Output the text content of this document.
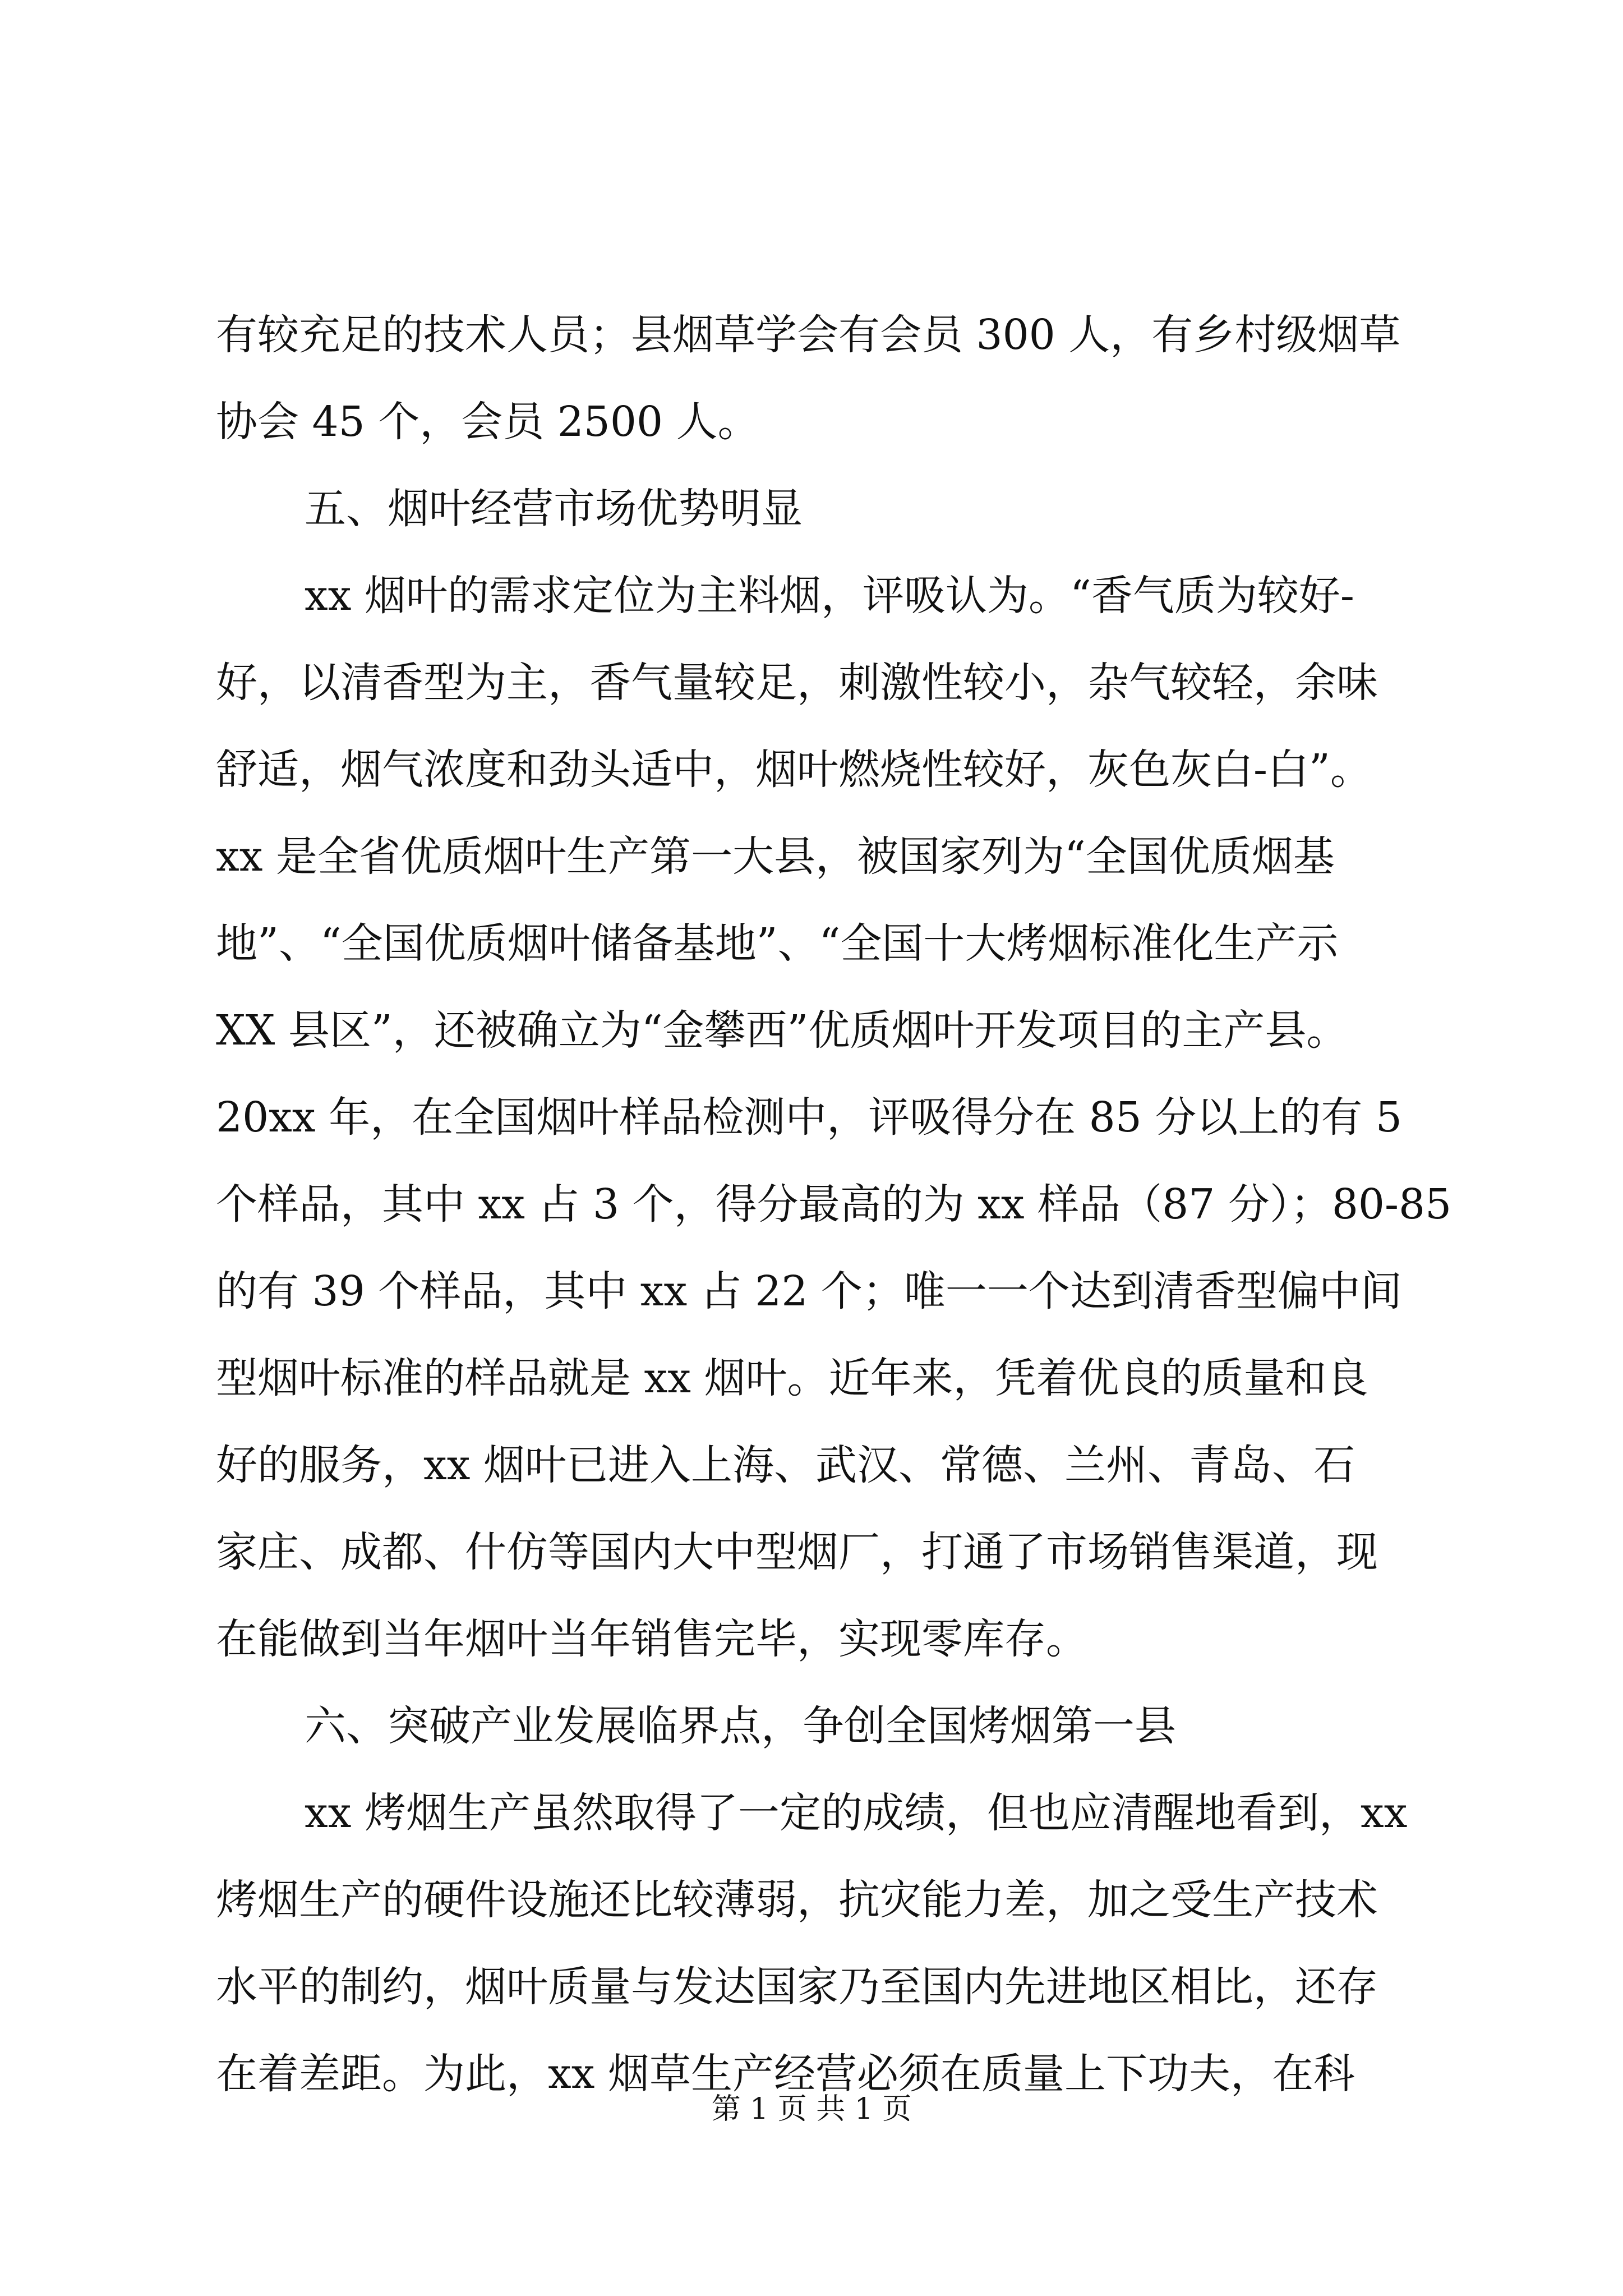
有较充足的技术人员；县烟草学会有会员 300 人，有乡村级烟草
协会 45 个，会员 2500 人。
五、烟叶经营市场优势明显
xx 烟叶的需求定位为主料烟，评吸认为。“香气质为较好-
好，以清香型为主，香气量较足，刺激性较小，杂气较轻，余味
舒适，烟气浓度和劲头适中，烟叶燃烧性较好，灰色灰白-白”。
xx 是全省优质烟叶生产第一大县，被国家列为“全国优质烟基
地”、“全国优质烟叶储备基地”、“全国十大烤烟标准化生产示
XX 县区”，还被确立为“金攀西”优质烟叶开发项目的主产县。
20xx 年，在全国烟叶样品检测中，评吸得分在 85 分以上的有 5
个样品，其中 xx 占 3 个，得分最高的为 xx 样品（87 分）；80-85
的有 39 个样品，其中 xx 占 22 个；唯一一个达到清香型偏中间
型烟叶标准的样品就是 xx 烟叶。近年来，凭着优良的质量和良
好的服务，xx 烟叶已进入上海、武汉、常德、兰州、青岛、石
家庄、成都、什仿等国内大中型烟厂，打通了市场销售渠道，现
在能做到当年烟叶当年销售完毕，实现零库存。
六、突破产业发展临界点，争创全国烤烟第一县
xx 烤烟生产虽然取得了一定的成绩，但也应清醒地看到，xx
烤烟生产的硬件设施还比较薄弱，抗灾能力差，加之受生产技术
水平的制约，烟叶质量与发达国家乃至国内先进地区相比，还存
在着差距。为此，xx 烟草生产经营必须在质量上下功夫，在科
第 1 页 共 1 页
